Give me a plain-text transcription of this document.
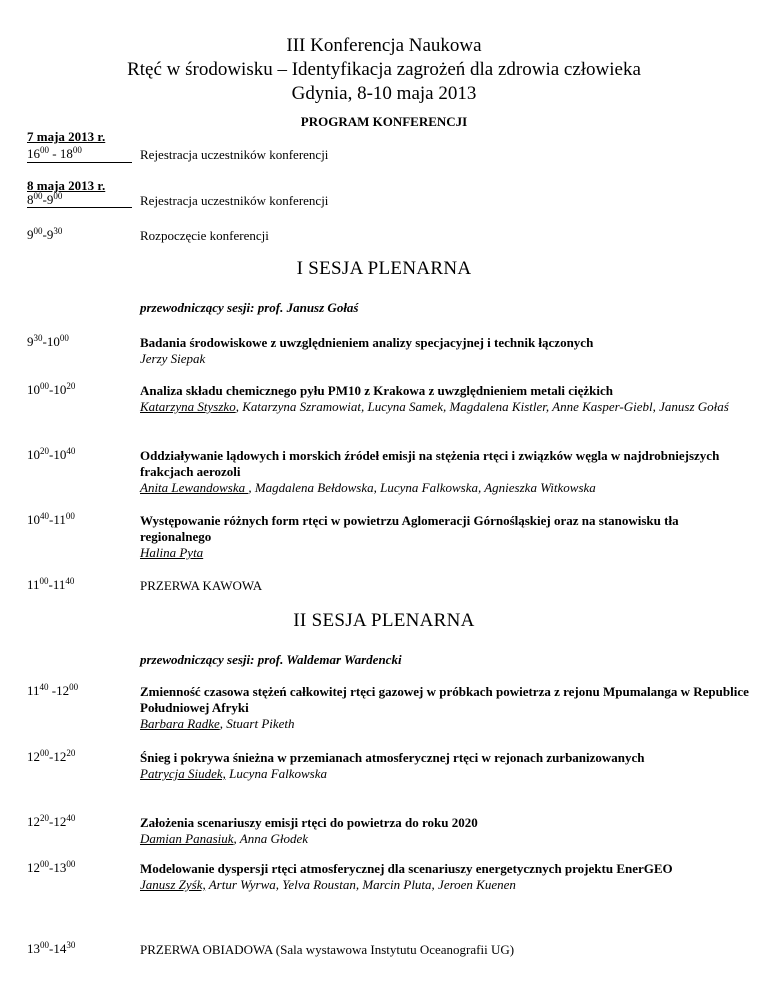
III Konferencja Naukowa
Rtęć w środowisku – Identyfikacja zagrożeń dla zdrowia człowieka
Gdynia, 8-10 maja 2013
PROGRAM KONFERENCJI
7 maja 2013 r.
$16^{00} - 18^{00}$	Rejestracja uczestników konferencji
8 maja 2013 r.
$8^{00}-9^{00}$	Rejestracja uczestników konferencji
$9^{00}-9^{30}$	Rozpoczęcie konferencji
I SESJA PLENARNA
przewodniczący sesji: prof. Janusz Gołaś
$9^{30}-10^{00}$	Badania środowiskowe z uwzględnieniem analizy specjacyjnej i technik łączonych
Jerzy Siepak
$10^{00}-10^{20}$	Analiza składu chemicznego pyłu PM10 z Krakowa z uwzględnieniem metali ciężkich
Katarzyna Styszko, Katarzyna Szramowiat, Lucyna Samek, Magdalena Kistler, Anne Kasper-Giebl, Janusz Gołaś
$10^{20}-10^{40}$	Oddziaływanie lądowych i morskich źródeł emisji na stężenia rtęci i związków węgla w najdrobniejszych frakcjach aerozoli
Anita Lewandowska , Magdalena Bełdowska, Lucyna Falkowska, Agnieszka Witkowska
$10^{40}-11^{00}$	Występowanie różnych form rtęci w powietrzu Aglomeracji Górnośląskiej oraz na stanowisku tła regionalnego
Halina Pyta
$11^{00}-11^{40}$	PRZERWA KAWOWA
II SESJA PLENARNA
przewodniczący sesji: prof. Waldemar Wardencki
$11^{40}$ $-12^{00}$	Zmienność czasowa stężeń całkowitej rtęci gazowej w próbkach powietrza z rejonu Mpumalanga w Republice Południowej Afryki
Barbara Radke, Stuart Piketh
$12^{00}-12^{20}$	Śnieg i pokrywa śnieżna w przemianach atmosferycznej rtęci w rejonach zurbanizowanych
Patrycja Siudek, Lucyna Falkowska
$12^{20}-12^{40}$	Założenia scenariuszy emisji rtęci do powietrza do roku 2020
Damian Panasiuk, Anna Głodek
$12^{00}-13^{00}$	Modelowanie dyspersji rtęci atmosferycznej dla scenariuszy energetycznych projektu EnerGEO
Janusz Zyśk, Artur Wyrwa, Yelva Roustan, Marcin Pluta, Jeroen Kuenen
$13^{00}-14^{30}$	PRZERWA OBIADOWA (Sala wystawowa Instytutu Oceanografii UG)
